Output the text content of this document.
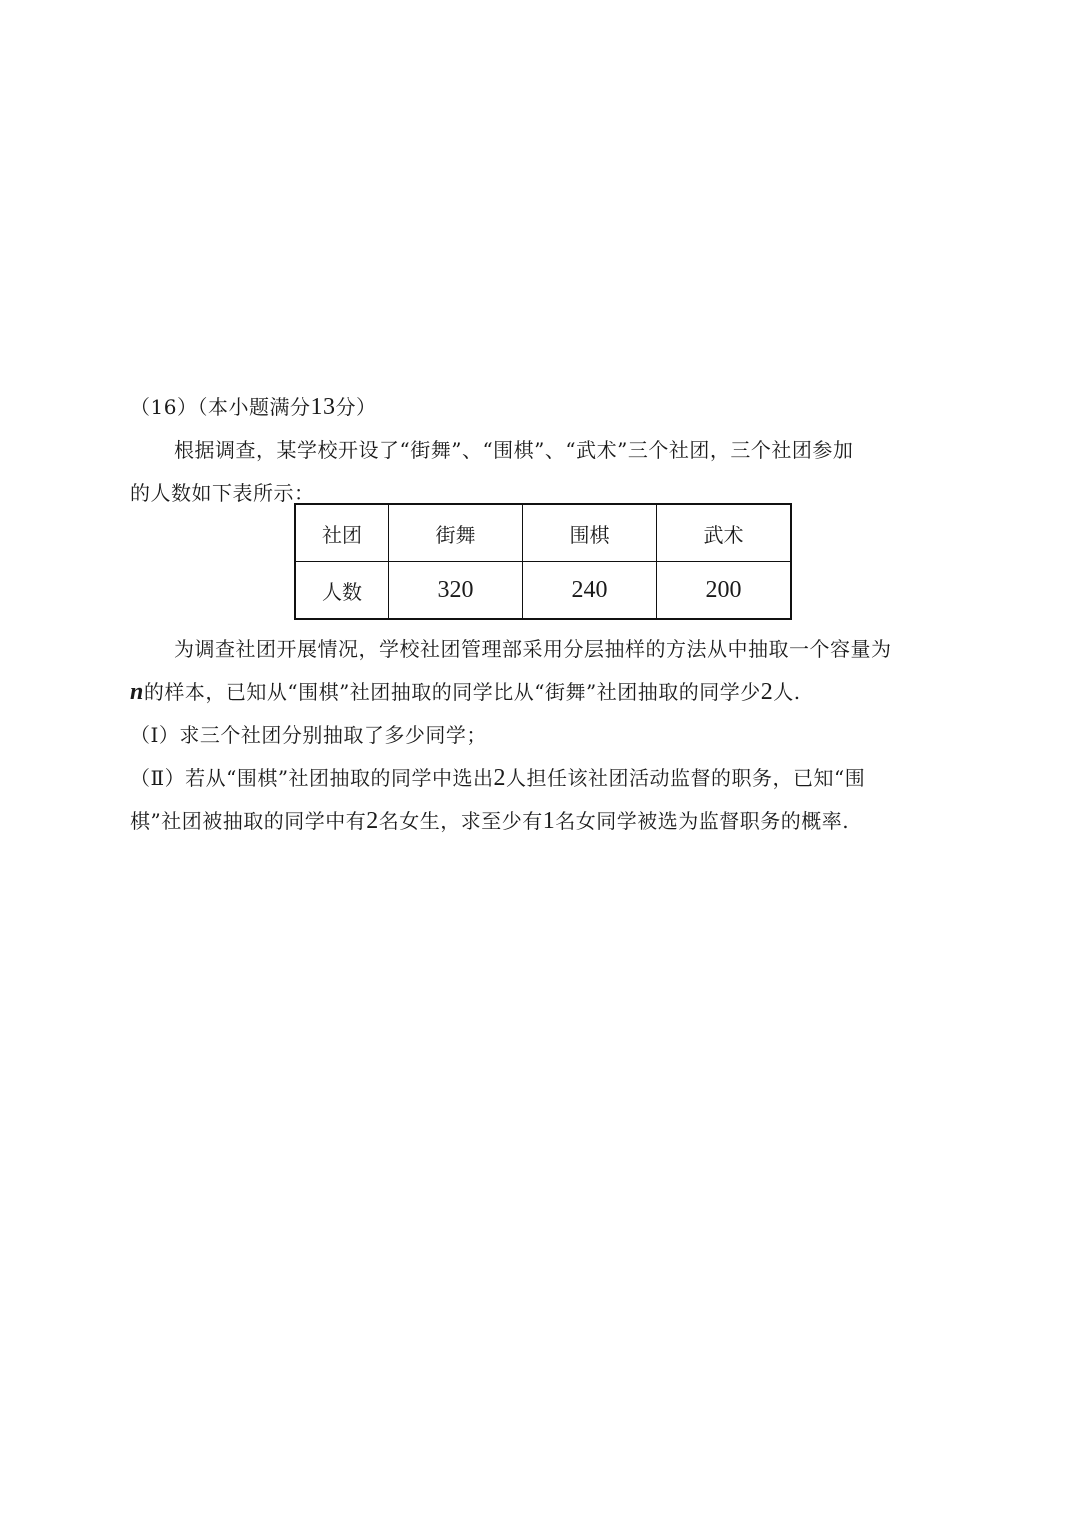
（16）（本小题满分13分）
根据调查，某学校开设了“街舞”、“围棋”、“武术”三个社团，三个社团参加
的人数如下表所示：
社团	街舞	围棋	武术
人数	320	240	200
为调查社团开展情况，学校社团管理部采用分层抽样的方法从中抽取一个容量为
n的样本，已知从“围棋”社团抽取的同学比从“街舞”社团抽取的同学少2人.
（Ⅰ）求三个社团分别抽取了多少同学；
（Ⅱ）若从“围棋”社团抽取的同学中选出2人担任该社团活动监督的职务，已知“围
棋”社团被抽取的同学中有2名女生，求至少有1名女同学被选为监督职务的概率.
